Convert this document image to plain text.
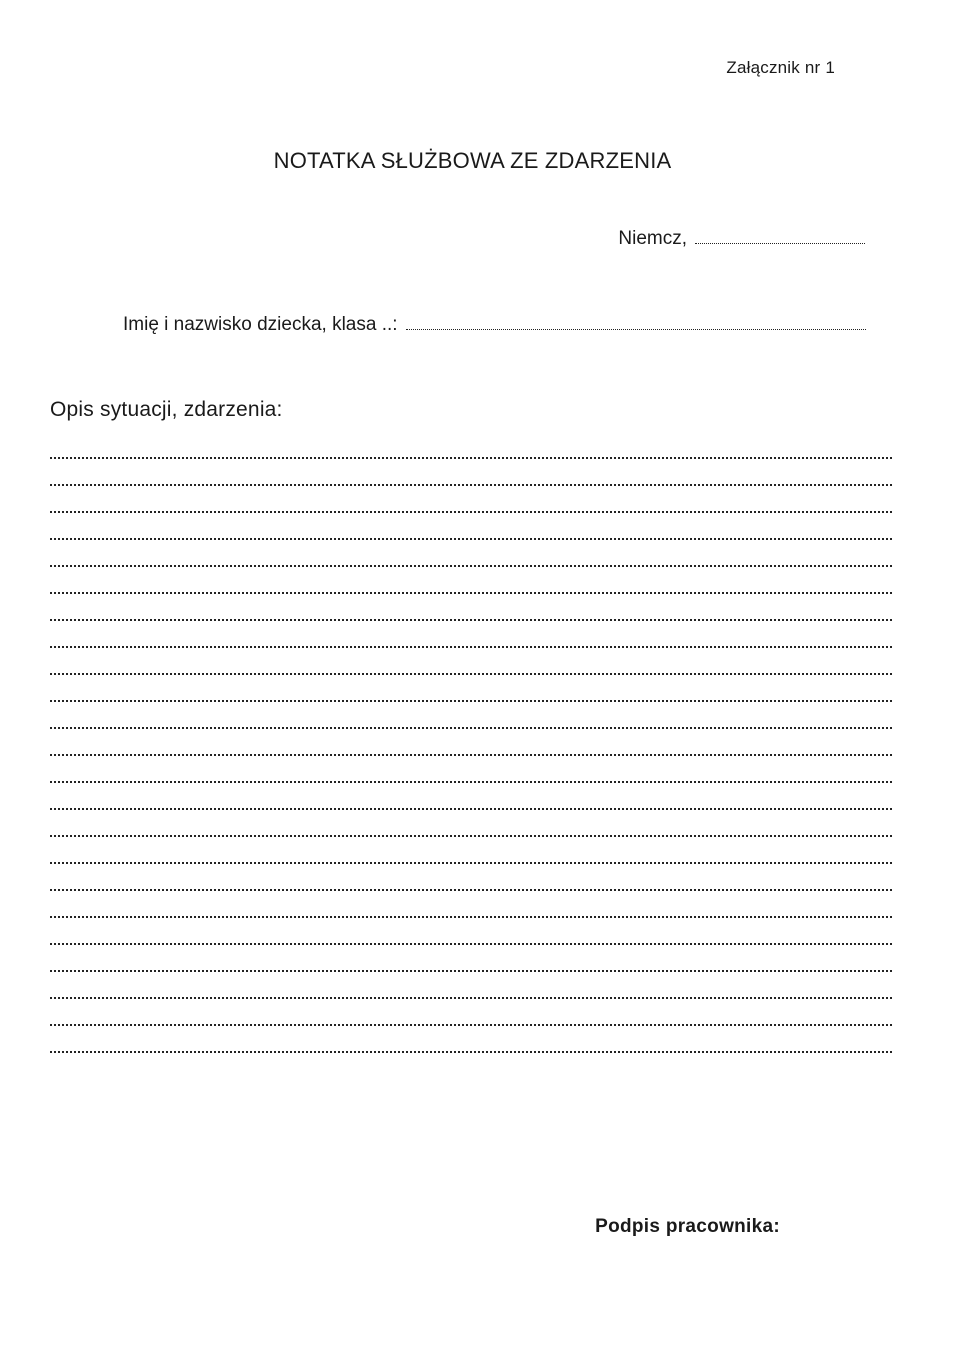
Załącznik nr 1
NOTATKA SŁUŻBOWA ZE ZDARZENIA
Niemcz,
Imię i nazwisko dziecka, klasa ..:
Opis sytuacji, zdarzenia:
Podpis pracownika:
